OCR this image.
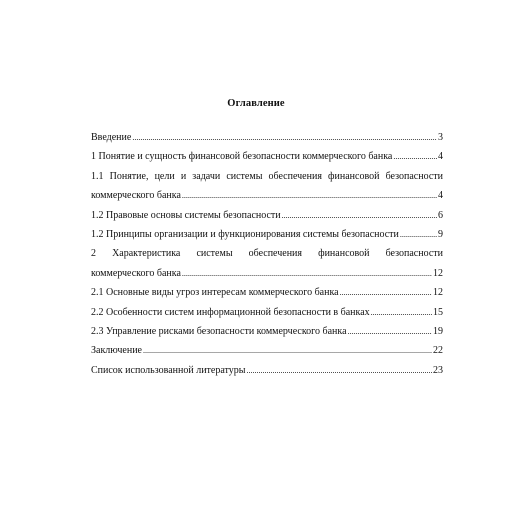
Оглавление
Введение .....	3
1 Понятие и сущность финансовой безопасности коммерческого банка .....	4
1.1 Понятие, цели и задачи системы обеспечения финансовой безопасности
коммерческого банка .....	4
1.2 Правовые основы системы безопасности .....	6
1.2 Принципы организации и функционирования системы безопасности .....	9
2 Характеристика системы обеспечения финансовой безопасности
коммерческого банка .....	12
2.1 Основные виды угроз интересам коммерческого банка .....	12
2.2 Особенности систем информационной безопасности в банках .....	15
2.3 Управление рисками безопасности коммерческого банка .....	19
Заключение .....	22
Список использованной литературы .....	23
